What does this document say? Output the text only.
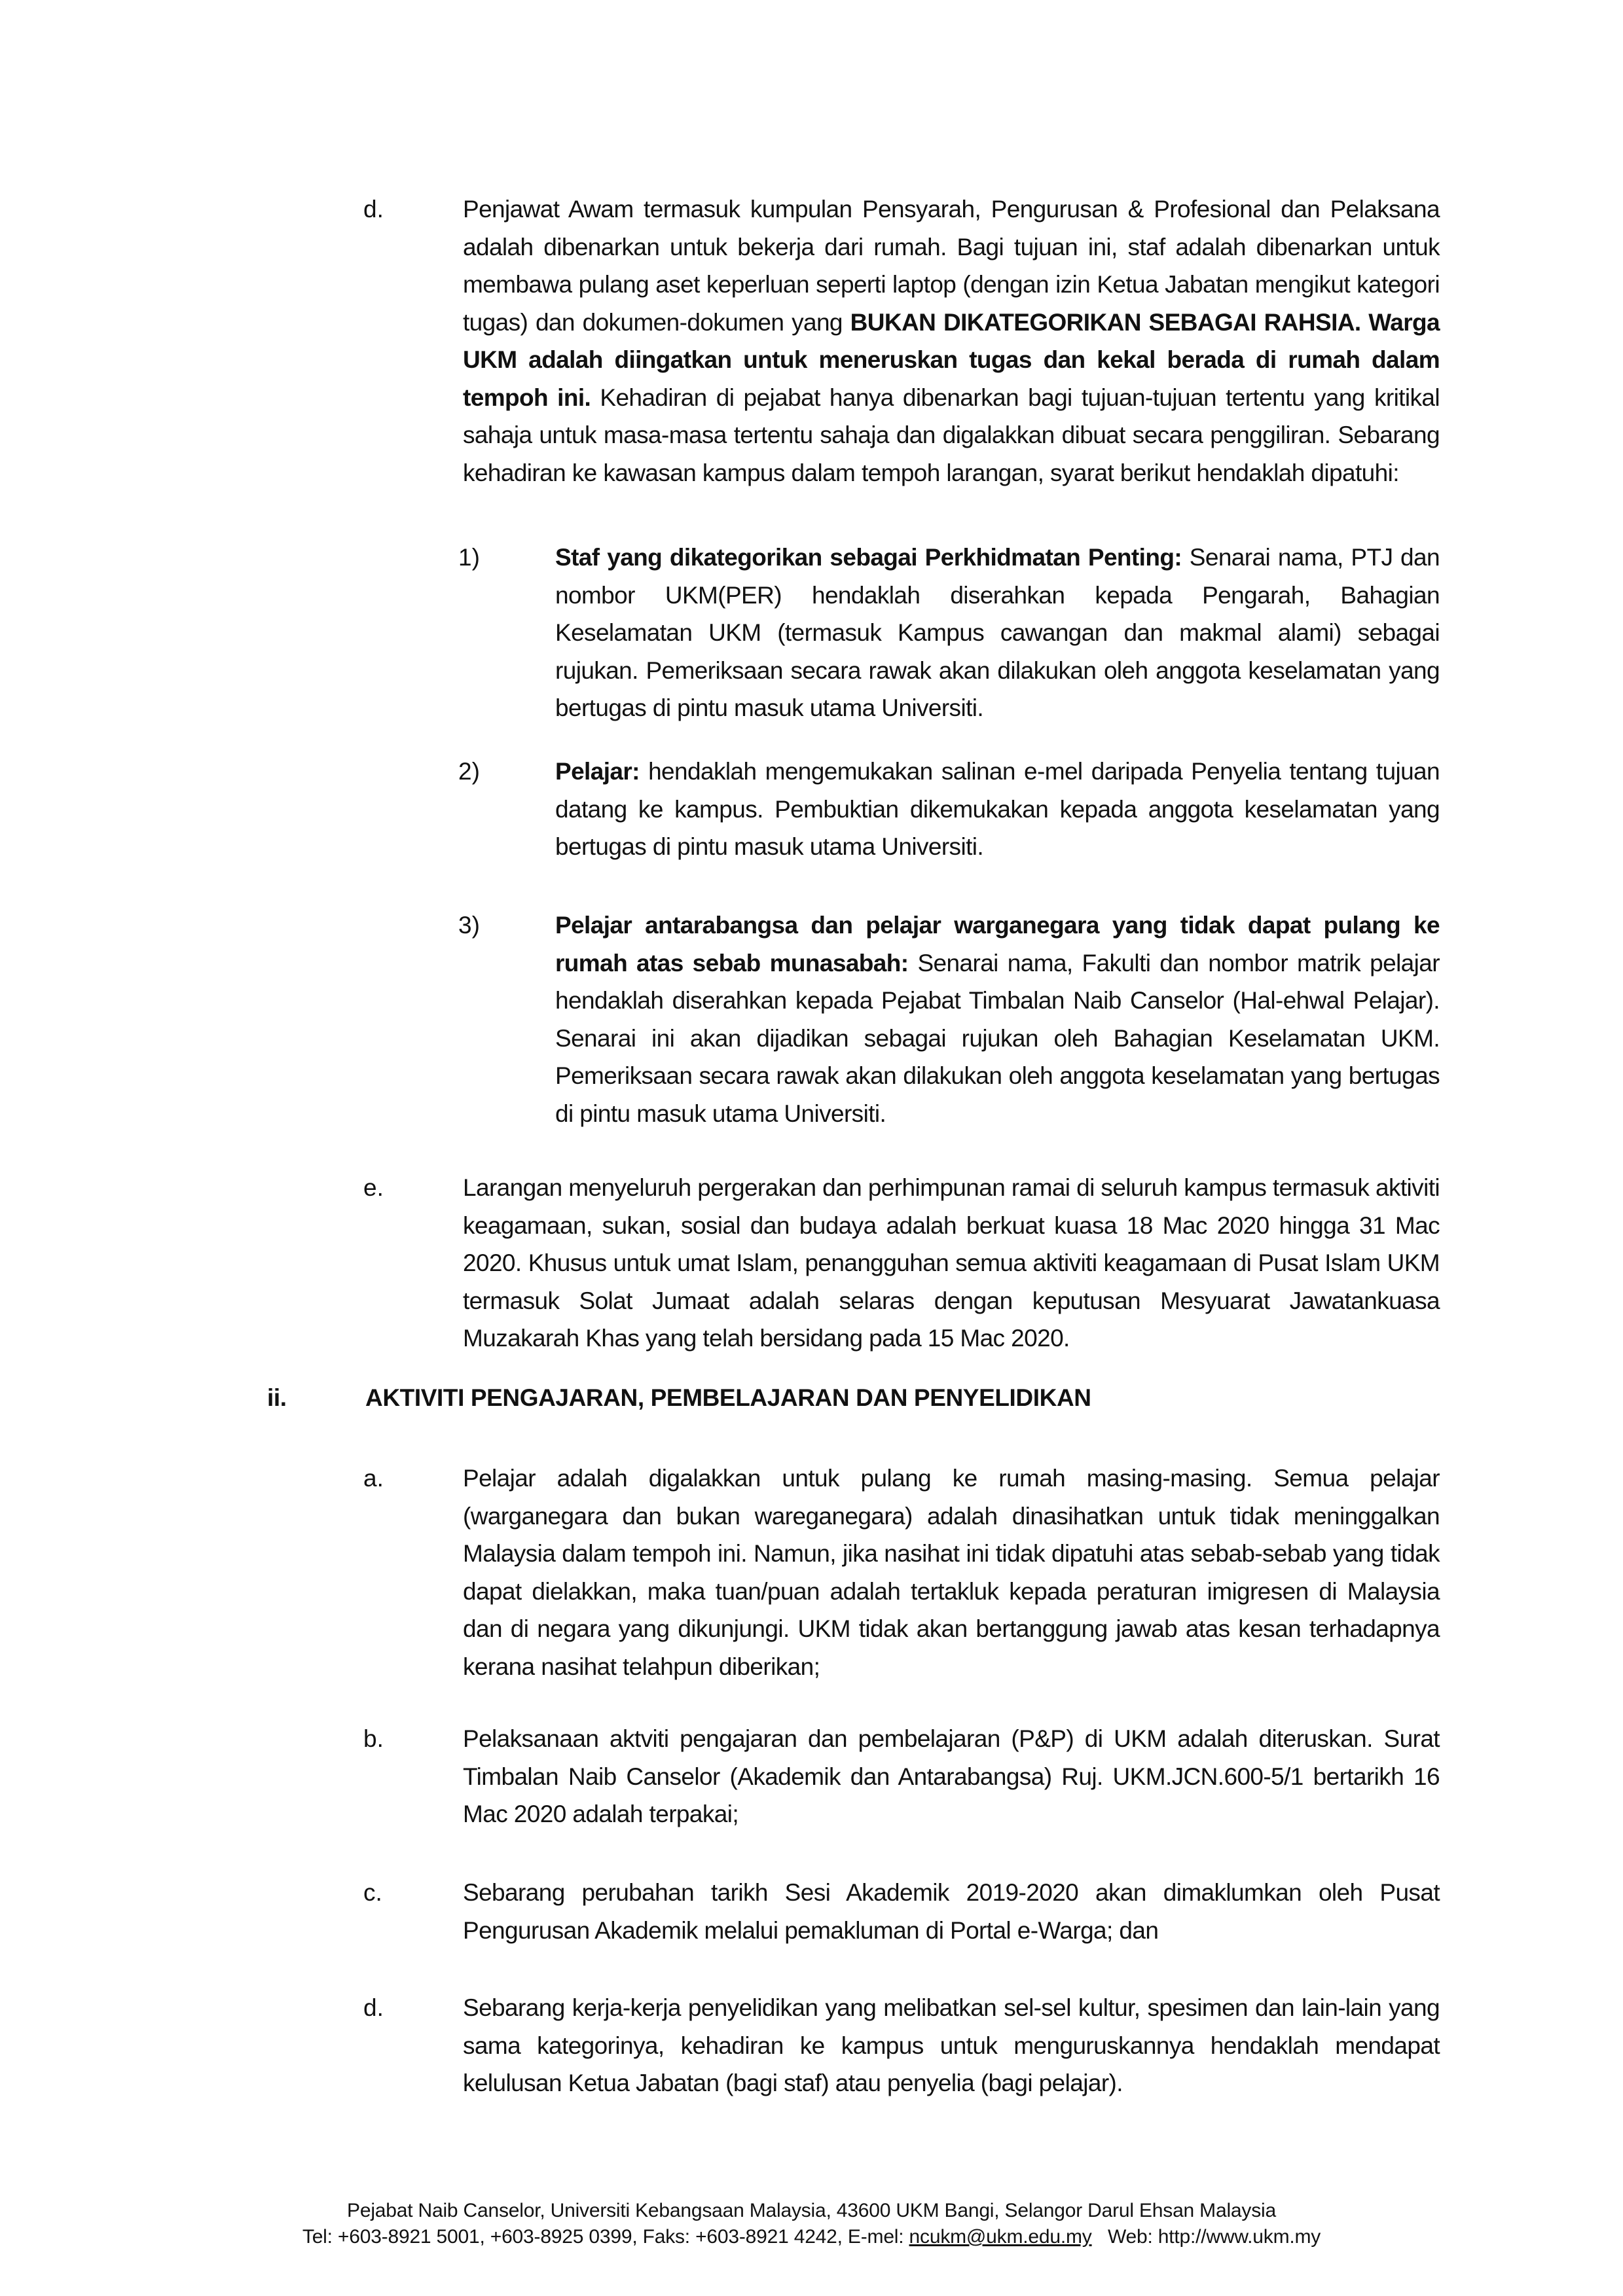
d.	Penjawat Awam termasuk kumpulan Pensyarah, Pengurusan & Profesional dan Pelaksana adalah dibenarkan untuk bekerja dari rumah. Bagi tujuan ini, staf adalah dibenarkan untuk membawa pulang aset keperluan seperti laptop (dengan izin Ketua Jabatan mengikut kategori tugas) dan dokumen-dokumen yang BUKAN DIKATEGORIKAN SEBAGAI RAHSIA. Warga UKM adalah diingatkan untuk meneruskan tugas dan kekal berada di rumah dalam tempoh ini. Kehadiran di pejabat hanya dibenarkan bagi tujuan-tujuan tertentu yang kritikal sahaja untuk masa-masa tertentu sahaja dan digalakkan dibuat secara penggiliran. Sebarang kehadiran ke kawasan kampus dalam tempoh larangan, syarat berikut hendaklah dipatuhi:
1)	Staf yang dikategorikan sebagai Perkhidmatan Penting: Senarai nama, PTJ dan nombor UKM(PER) hendaklah diserahkan kepada Pengarah, Bahagian Keselamatan UKM (termasuk Kampus cawangan dan makmal alami) sebagai rujukan. Pemeriksaan secara rawak akan dilakukan oleh anggota keselamatan yang bertugas di pintu masuk utama Universiti.
2)	Pelajar: hendaklah mengemukakan salinan e-mel daripada Penyelia tentang tujuan datang ke kampus. Pembuktian dikemukakan kepada anggota keselamatan yang bertugas di pintu masuk utama Universiti.
3)	Pelajar antarabangsa dan pelajar warganegara yang tidak dapat pulang ke rumah atas sebab munasabah: Senarai nama, Fakulti dan nombor matrik pelajar hendaklah diserahkan kepada Pejabat Timbalan Naib Canselor (Hal-ehwal Pelajar). Senarai ini akan dijadikan sebagai rujukan oleh Bahagian Keselamatan UKM. Pemeriksaan secara rawak akan dilakukan oleh anggota keselamatan yang bertugas di pintu masuk utama Universiti.
e.	Larangan menyeluruh pergerakan dan perhimpunan ramai di seluruh kampus termasuk aktiviti keagamaan, sukan, sosial dan budaya adalah berkuat kuasa 18 Mac 2020 hingga 31 Mac 2020. Khusus untuk umat Islam, penangguhan semua aktiviti keagamaan di Pusat Islam UKM termasuk Solat Jumaat adalah selaras dengan keputusan Mesyuarat Jawatankuasa Muzakarah Khas yang telah bersidang pada 15 Mac 2020.
ii.	AKTIVITI PENGAJARAN, PEMBELAJARAN DAN PENYELIDIKAN
a.	Pelajar adalah digalakkan untuk pulang ke rumah masing-masing. Semua pelajar (warganegara dan bukan wareganegara) adalah dinasihatkan untuk tidak meninggalkan Malaysia dalam tempoh ini. Namun, jika nasihat ini tidak dipatuhi atas sebab-sebab yang tidak dapat dielakkan, maka tuan/puan adalah tertakluk kepada peraturan imigresen di Malaysia dan di negara yang dikunjungi. UKM tidak akan bertanggung jawab atas kesan terhadapnya kerana nasihat telahpun diberikan;
b.	Pelaksanaan aktviti pengajaran dan pembelajaran (P&P) di UKM adalah diteruskan. Surat Timbalan Naib Canselor (Akademik dan Antarabangsa) Ruj. UKM.JCN.600-5/1 bertarikh 16 Mac 2020 adalah terpakai;
c.	Sebarang perubahan tarikh Sesi Akademik 2019-2020 akan dimaklumkan oleh Pusat Pengurusan Akademik melalui pemakluman di Portal e-Warga; dan
d.	Sebarang kerja-kerja penyelidikan yang melibatkan sel-sel kultur, spesimen dan lain-lain yang sama kategorinya, kehadiran ke kampus untuk menguruskannya hendaklah mendapat kelulusan Ketua Jabatan (bagi staf) atau penyelia (bagi pelajar).
Pejabat Naib Canselor, Universiti Kebangsaan Malaysia, 43600 UKM Bangi, Selangor Darul Ehsan Malaysia
Tel: +603-8921 5001, +603-8925 0399, Faks: +603-8921 4242, E-mel: ncukm@ukm.edu.my   Web: http://www.ukm.my
